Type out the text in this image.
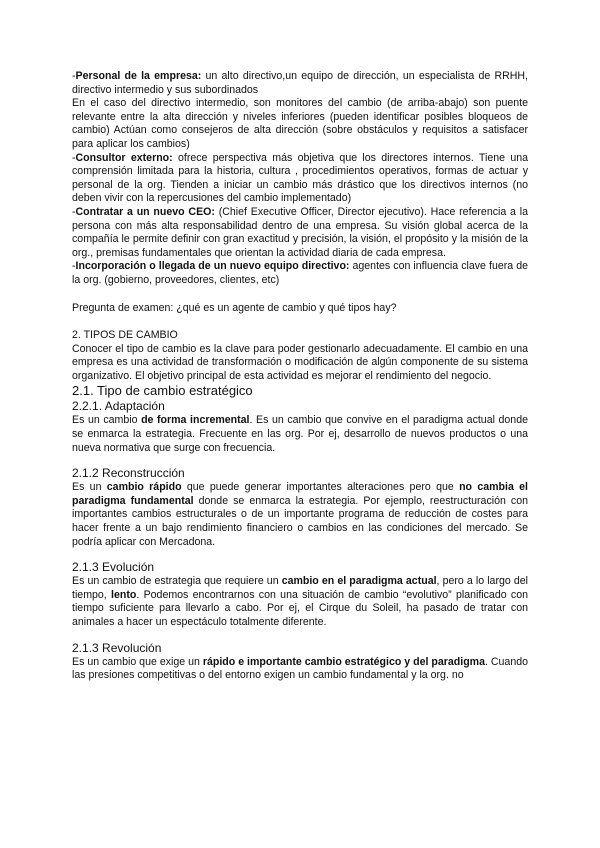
-Personal de la empresa: un alto directivo,un equipo de dirección, un especialista de RRHH, directivo intermedio y sus subordinados

En el caso del directivo intermedio, son monitores del cambio (de arriba-abajo) son puente relevante entre la alta dirección y niveles inferiores (pueden identificar posibles bloqueos de cambio) Actúan como consejeros de alta dirección (sobre obstáculos y requisitos a satisfacer para aplicar los cambios)

-Consultor externo: ofrece perspectiva más objetiva que los directores internos. Tiene una comprensión limitada para la historia, cultura , procedimientos operativos, formas de actuar y personal de la org. Tienden a iniciar un cambio más drástico que los directivos internos (no deben vivir con la repercusiones del cambio implementado)

-Contratar a un nuevo CEO: (Chief Executive Officer, Director ejecutivo). Hace referencia a la persona con más alta responsabilidad dentro de una empresa. Su visión global acerca de la compañía le permite definir con gran exactitud y precisión, la visión, el propósito y la misión de la org., premisas fundamentales que orientan la actividad diaria de cada empresa.

-Incorporación o llegada de un nuevo equipo directivo: agentes con influencia clave fuera de la org. (gobierno, proveedores, clientes, etc)

Pregunta de examen: ¿qué es un agente de cambio y qué tipos hay?

2. TIPOS DE CAMBIO

Conocer el tipo de cambio es la clave para poder gestionarlo adecuadamente. El cambio en una empresa es una actividad de transformación o modificación de algún componente de su sistema organizativo. El objetivo principal de esta actividad es mejorar el rendimiento del negocio.

2.1. Tipo de cambio estratégico

2.2.1. Adaptación

Es un cambio de forma incremental. Es un cambio que convive en el paradigma actual donde se enmarca la estrategia. Frecuente en las org. Por ej, desarrollo de nuevos productos o una nueva normativa que surge con frecuencia.

2.1.2 Reconstrucción

Es un cambio rápido que puede generar importantes alteraciones pero que no cambia el paradigma fundamental donde se enmarca la estrategia. Por ejemplo, reestructuración con importantes cambios estructurales o de un importante programa de reducción de costes para hacer frente a un bajo rendimiento financiero o cambios en las condiciones del mercado. Se podría aplicar con Mercadona.

2.1.3 Evolución

Es un cambio de estrategia que requiere un cambio en el paradigma actual, pero a lo largo del tiempo, lento. Podemos encontrarnos con una situación de cambio “evolutivo” planificado con tiempo suficiente para llevarlo a cabo. Por ej, el Cirque du Soleil, ha pasado de tratar con animales a hacer un espectáculo totalmente diferente.

2.1.3 Revolución

Es un cambio que exige un rápido e importante cambio estratégico y del paradigma. Cuando las presiones competitivas o del entorno exigen un cambio fundamental y la org. no
